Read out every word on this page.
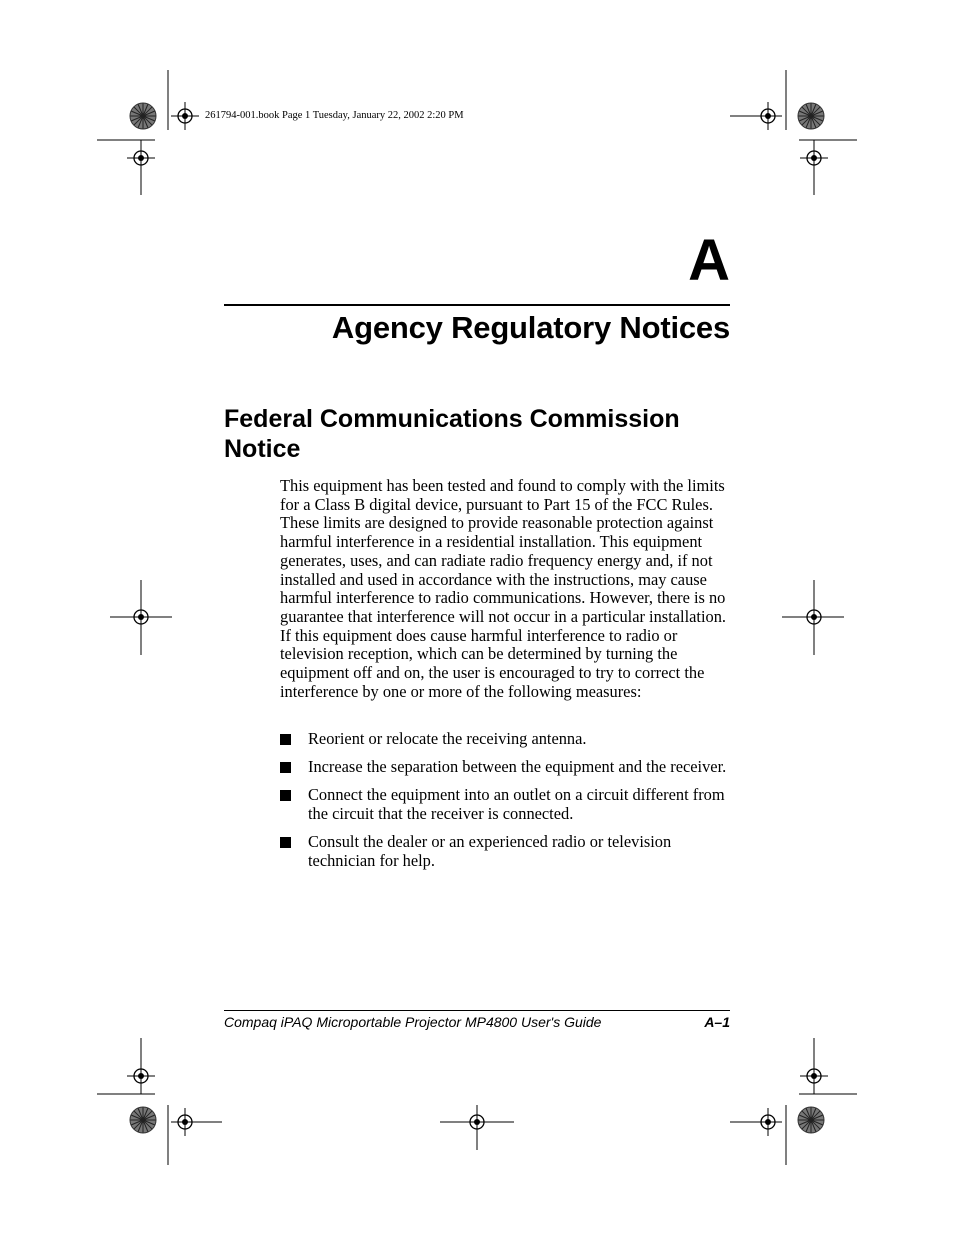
261794-001.book Page 1 Tuesday, January 22, 2002 2:20 PM
A
Agency Regulatory Notices
Federal Communications Commission Notice
This equipment has been tested and found to comply with the limits for a Class B digital device, pursuant to Part 15 of the FCC Rules. These limits are designed to provide reasonable protection against harmful interference in a residential installation. This equipment generates, uses, and can radiate radio frequency energy and, if not installed and used in accordance with the instructions, may cause harmful interference to radio communications. However, there is no guarantee that interference will not occur in a particular installation. If this equipment does cause harmful interference to radio or television reception, which can be determined by turning the equipment off and on, the user is encouraged to try to correct the interference by one or more of the following measures:
Reorient or relocate the receiving antenna.
Increase the separation between the equipment and the receiver.
Connect the equipment into an outlet on a circuit different from the circuit that the receiver is connected.
Consult the dealer or an experienced radio or television technician for help.
Compaq iPAQ Microportable Projector MP4800 User's Guide	A–1
